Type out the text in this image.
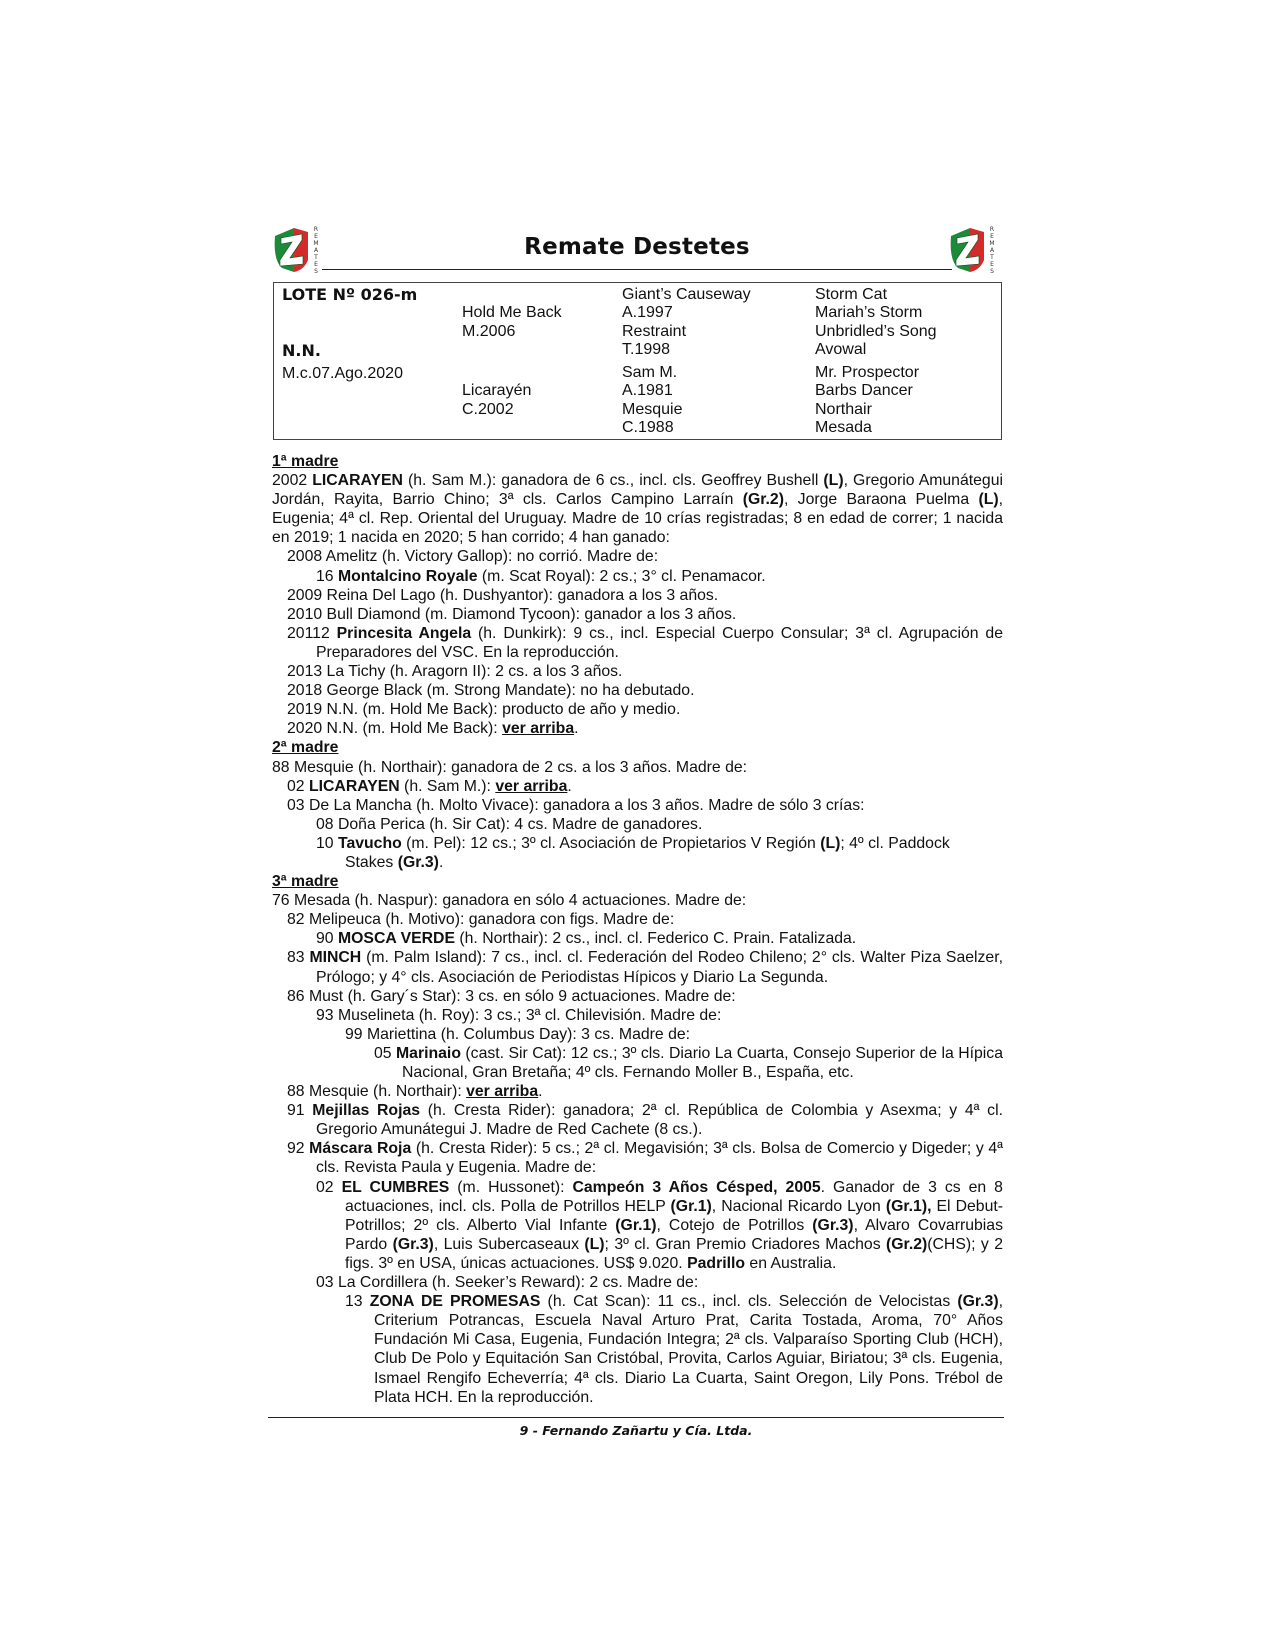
R
E
M
A
T
E
S
Remate Destetes
R
E
M
A
T
E
S
LOTE Nº 026-m
N.N.
M.c.07.Ago.2020
Hold Me Back
M.2006
Licarayén
C.2002
Giant’s Causeway
A.1997
Restraint
T.1998
Sam M.
A.1981
Mesquie
C.1988
Storm Cat
Mariah’s Storm
Unbridled’s Song
Avowal
Mr. Prospector
Barbs Dancer
Northair
Mesada
1ª madre
2002 LICARAYEN (h. Sam M.): ganadora de 6 cs., incl. cls. Geoffrey Bushell (L), Gregorio Amunátegui Jordán, Rayita, Barrio Chino; 3ª cls. Carlos Campino Larraín (Gr.2), Jorge Baraona Puelma (L), Eugenia; 4ª cl. Rep. Oriental del Uruguay. Madre de 10 crías registradas; 8 en edad de correr; 1 nacida en 2019; 1 nacida en 2020; 5 han corrido; 4 han ganado:
2008 Amelitz (h. Victory Gallop): no corrió. Madre de:
16 Montalcino Royale (m. Scat Royal): 2 cs.; 3° cl. Penamacor.
2009 Reina Del Lago (h. Dushyantor): ganadora a los 3 años.
2010 Bull Diamond (m. Diamond Tycoon): ganador a los 3 años.
20112 Princesita Angela (h. Dunkirk): 9 cs., incl. Especial Cuerpo Consular; 3ª cl. Agrupación de Preparadores del VSC. En la reproducción.
2013 La Tichy (h. Aragorn II): 2 cs. a los 3 años.
2018 George Black (m. Strong Mandate): no ha debutado.
2019 N.N. (m. Hold Me Back): producto de año y medio.
2020 N.N. (m. Hold Me Back): ver arriba.
2ª madre
88 Mesquie (h. Northair): ganadora de 2 cs. a los 3 años. Madre de:
02 LICARAYEN (h. Sam M.): ver arriba.
03 De La Mancha (h. Molto Vivace): ganadora a los 3 años. Madre de sólo 3 crías:
08 Doña Perica (h. Sir Cat): 4 cs. Madre de ganadores.
10 Tavucho (m. Pel): 12 cs.; 3º cl. Asociación de Propietarios V Región (L); 4º cl. Paddock
Stakes (Gr.3).
3ª madre
76 Mesada (h. Naspur): ganadora en sólo 4 actuaciones. Madre de:
82 Melipeuca (h. Motivo): ganadora con figs. Madre de:
90 MOSCA VERDE (h. Northair): 2 cs., incl. cl. Federico C. Prain. Fatalizada.
83 MINCH (m. Palm Island): 7 cs., incl. cl. Federación del Rodeo Chileno; 2° cls. Walter Piza Saelzer, Prólogo; y 4° cls. Asociación de Periodistas Hípicos y Diario La Segunda.
86 Must (h. Gary´s Star): 3 cs. en sólo 9 actuaciones. Madre de:
93 Muselineta (h. Roy): 3 cs.; 3ª cl. Chilevisión. Madre de:
99 Mariettina (h. Columbus Day): 3 cs. Madre de:
05 Marinaio (cast. Sir Cat): 12 cs.; 3º cls. Diario La Cuarta, Consejo Superior de la Hípica Nacional, Gran Bretaña; 4º cls. Fernando Moller B., España, etc.
88 Mesquie (h. Northair): ver arriba.
91 Mejillas Rojas (h. Cresta Rider): ganadora; 2ª cl. República de Colombia y Asexma; y 4ª cl. Gregorio Amunátegui J. Madre de Red Cachete (8 cs.).
92 Máscara Roja (h. Cresta Rider): 5 cs.; 2ª cl. Megavisión; 3ª cls. Bolsa de Comercio y Digeder; y 4ª cls. Revista Paula y Eugenia. Madre de:
02 EL CUMBRES (m. Hussonet): Campeón 3 Años Césped, 2005. Ganador de 3 cs en 8 actuaciones, incl. cls. Polla de Potrillos HELP (Gr.1), Nacional Ricardo Lyon (Gr.1), El Debut-Potrillos; 2º cls. Alberto Vial Infante (Gr.1), Cotejo de Potrillos (Gr.3), Alvaro Covarrubias Pardo (Gr.3), Luis Subercaseaux (L); 3º cl. Gran Premio Criadores Machos (Gr.2)(CHS); y 2 figs. 3º en USA, únicas actuaciones. US$ 9.020. Padrillo en Australia.
03 La Cordillera (h. Seeker’s Reward): 2 cs. Madre de:
13 ZONA DE PROMESAS (h. Cat Scan): 11 cs., incl. cls. Selección de Velocistas (Gr.3), Criterium Potrancas, Escuela Naval Arturo Prat, Carita Tostada, Aroma, 70° Años Fundación Mi Casa, Eugenia, Fundación Integra; 2ª cls. Valparaíso Sporting Club (HCH), Club De Polo y Equitación San Cristóbal, Provita, Carlos Aguiar, Biriatou; 3ª cls. Eugenia, Ismael Rengifo Echeverría; 4ª cls. Diario La Cuarta, Saint Oregon, Lily Pons. Trébol de Plata HCH. En la reproducción.
9 - Fernando Zañartu y Cía. Ltda.
